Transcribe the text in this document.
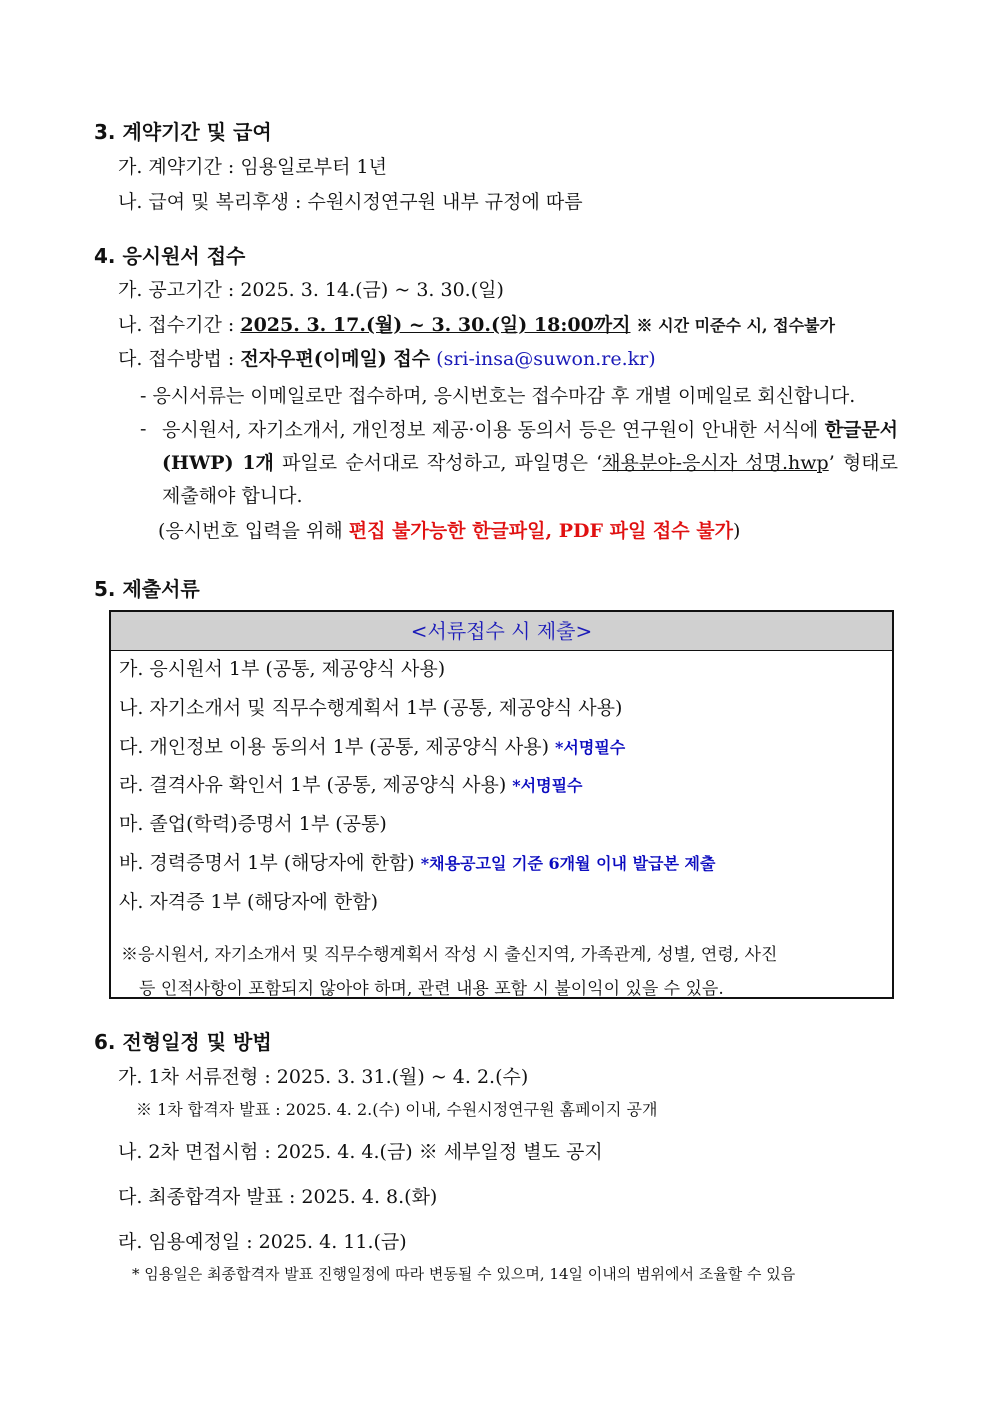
3. 계약기간 및 급여
가. 계약기간 : 임용일로부터 1년
나. 급여 및 복리후생 : 수원시정연구원 내부 규정에 따름
4. 응시원서 접수
가. 공고기간 : 2025. 3. 14.(금) ~ 3. 30.(일)
나. 접수기간 : 2025. 3. 17.(월) ~ 3. 30.(일) 18:00까지 ※ 시간 미준수 시, 접수불가
다. 접수방법 : 전자우편(이메일) 접수 (sri-insa@suwon.re.kr)
- 응시서류는 이메일로만 접수하며, 응시번호는 접수마감 후 개별 이메일로 회신합니다.
- 응시원서, 자기소개서, 개인정보 제공·이용 동의서 등은 연구원이 안내한 서식에 한글문서(HWP) 1개 파일로 순서대로 작성하고, 파일명은 ‘채용분야-응시자 성명.hwp’ 형태로 제출해야 합니다.
(응시번호 입력을 위해 편집 불가능한 한글파일, PDF 파일 접수 불가)
5. 제출서류
<서류접수 시 제출>
가. 응시원서 1부 (공통, 제공양식 사용)
나. 자기소개서 및 직무수행계획서 1부 (공통, 제공양식 사용)
다. 개인정보 이용 동의서 1부 (공통, 제공양식 사용) *서명필수
라. 결격사유 확인서 1부 (공통, 제공양식 사용) *서명필수
마. 졸업(학력)증명서 1부 (공통)
바. 경력증명서 1부 (해당자에 한함) *채용공고일 기준 6개월 이내 발급본 제출
사. 자격증 1부 (해당자에 한함)
※응시원서, 자기소개서 및 직무수행계획서 작성 시 출신지역, 가족관계, 성별, 연령, 사진
등 인적사항이 포함되지 않아야 하며, 관련 내용 포함 시 불이익이 있을 수 있음.
6. 전형일정 및 방법
가. 1차 서류전형 : 2025. 3. 31.(월) ~ 4. 2.(수)
※ 1차 합격자 발표 : 2025. 4. 2.(수) 이내, 수원시정연구원 홈페이지 공개
나. 2차 면접시험 : 2025. 4. 4.(금) ※ 세부일정 별도 공지
다. 최종합격자 발표 : 2025. 4. 8.(화)
라. 임용예정일 : 2025. 4. 11.(금)
* 임용일은 최종합격자 발표 진행일정에 따라 변동될 수 있으며, 14일 이내의 범위에서 조율할 수 있음
